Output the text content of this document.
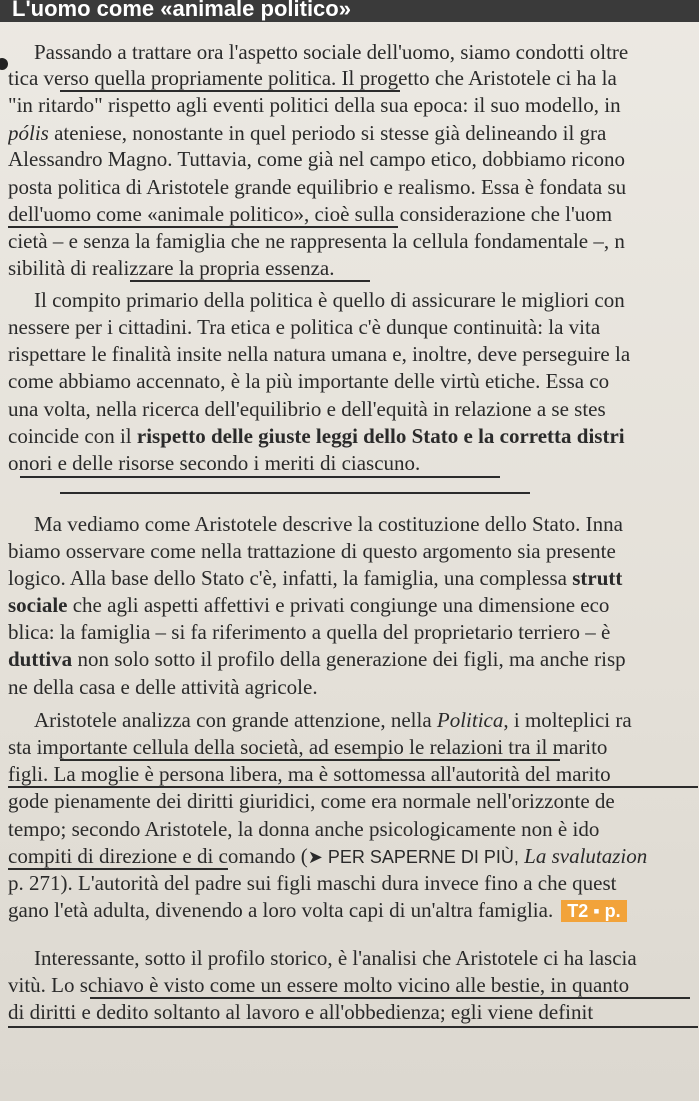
L'uomo come «animale politico»
Passando a trattare ora l'aspetto sociale dell'uomo, siamo condotti oltre
tica verso quella propriamente politica. Il progetto che Aristotele ci ha la
"in ritardo" rispetto agli eventi politici della sua epoca: il suo modello, in
pólis ateniese, nonostante in quel periodo si stesse già delineando il gra
Alessandro Magno. Tuttavia, come già nel campo etico, dobbiamo ricono
posta politica di Aristotele grande equilibrio e realismo. Essa è fondata su
dell'uomo come «animale politico», cioè sulla considerazione che l'uom
cietà – e senza la famiglia che ne rappresenta la cellula fondamentale –, n
sibilità di realizzare la propria essenza.
Il compito primario della politica è quello di assicurare le migliori con
nessere per i cittadini. Tra etica e politica c'è dunque continuità: la vita
rispettare le finalità insite nella natura umana e, inoltre, deve perseguire la
come abbiamo accennato, è la più importante delle virtù etiche. Essa co
una volta, nella ricerca dell'equilibrio e dell'equità in relazione a se stes
coincide con il rispetto delle giuste leggi dello Stato e la corretta distri
onori e delle risorse secondo i meriti di ciascuno.
Ma vediamo come Aristotele descrive la costituzione dello Stato. Inna
biamo osservare come nella trattazione di questo argomento sia presente
logico. Alla base dello Stato c'è, infatti, la famiglia, una complessa strutt
sociale che agli aspetti affettivi e privati congiunge una dimensione eco
blica: la famiglia – si fa riferimento a quella del proprietario terriero – è
duttiva non solo sotto il profilo della generazione dei figli, ma anche risp
ne della casa e delle attività agricole.
Aristotele analizza con grande attenzione, nella Politica, i molteplici ra
sta importante cellula della società, ad esempio le relazioni tra il marito
figli. La moglie è persona libera, ma è sottomessa all'autorità del marito
gode pienamente dei diritti giuridici, come era normale nell'orizzonte de
tempo; secondo Aristotele, la donna anche psicologicamente non è ido
compiti di direzione e di comando (➤ PER SAPERNE DI PIÙ, La svalutazion
p. 271). L'autorità del padre sui figli maschi dura invece fino a che quest
gano l'età adulta, divenendo a loro volta capi di un'altra famiglia. T2 ▪ p.
Interessante, sotto il profilo storico, è l'analisi che Aristotele ci ha lascia
vitù. Lo schiavo è visto come un essere molto vicino alle bestie, in quanto
di diritti e dedito soltanto al lavoro e all'obbedienza; egli viene definit
